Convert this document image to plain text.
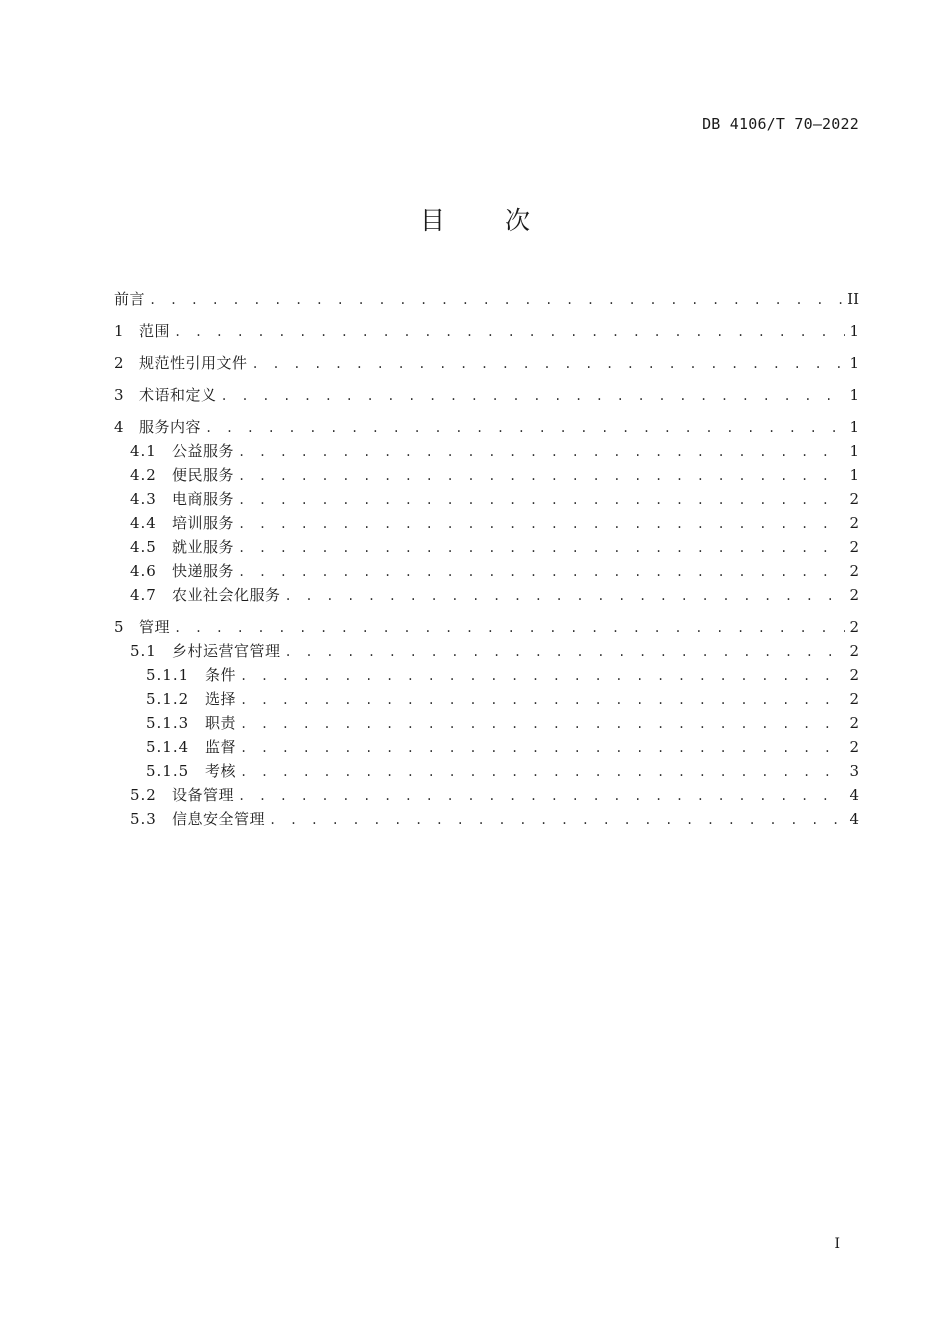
DB 4106/T 70—2022
目次
前言 . . .	II
1 范围 . . .	1
2 规范性引用文件 . . .	1
3 术语和定义 . . .	1
4 服务内容 . . .	1
4.1	公益服务 . . .	1
4.2	便民服务 . . .	1
4.3	电商服务 . . .	2
4.4	培训服务 . . .	2
4.5	就业服务 . . .	2
4.6	快递服务 . . .	2
4.7	农业社会化服务 . . .	2
5 管理 . . .	2
5.1	乡村运营官管理 . . .	2
5.1.1	条件 . . .	2
5.1.2	选择 . . .	2
5.1.3	职责 . . .	2
5.1.4	监督 . . .	2
5.1.5	考核 . . .	3
5.2	设备管理 . . .	4
5.3	信息安全管理 . . .	4
I
